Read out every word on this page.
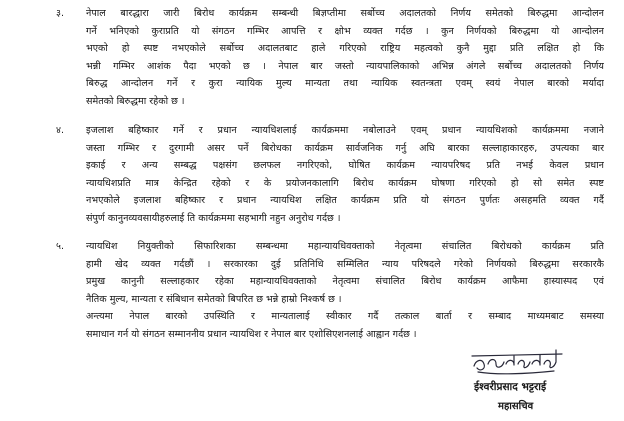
३.	नेपाल बारद्धारा जारी बिरोध कार्यक्रम सम्बन्धी बिज्ञप्तीमा सर्बोच्च अदालतको निर्णय समेतको बिरुद्धमा आन्दोलन
गर्ने भनिएको कुराप्रति यो संगठन गम्भिर आपत्ति र क्षोभ व्यक्त गर्दछ । कुन निर्णयको बिरुद्धमा यो आन्दोलन
भएको हो स्पष्ट नभएकोले सर्बोच्च अदालतबाट हाले गरिएको राष्ट्रिय महत्वको कुनै मुद्दा प्रति लक्षित हो कि
भन्नी गम्भिर आशंक पैदा भएको छ । नेपाल बार जस्तो न्यायपालिकाको अभिन्न अंगले सर्बोच्च अदालतको निर्णय
बिरुद्ध आन्दोलन गर्ने र कुरा न्यायिक मुल्य मान्यता तथा न्यायिक स्वतन्त्रता एवम् स्वयं नेपाल बारको मर्यादा
समेतको बिरुद्धमा रहेको छ ।
४.	इजलाश बहिष्कार गर्ने र प्रधान न्यायधिशलाई कार्यक्रममा नबोलाउने एवम् प्रधान न्यायधिशको कार्यक्रममा नजाने
जस्ता गम्भिर र दुरगामी असर पर्ने बिरोधका कार्यक्रम सार्वजनिक गर्नु अघि बारका सल्लाहाकारहरु, उपत्यका बार
इकाई र अन्य सम्बद्ध पक्षसंग छलफल नगरिएको, घोषित कार्यक्रम न्यायपरिषद प्रति नभई केवल प्रधान
न्यायधिशप्रति मात्र केन्द्रित रहेको र के प्रयोजनकालागि बिरोध कार्यक्रम घोषणा गरिएको हो सो समेत स्पष्ट
नभएकोले इजलाश बहिष्कार र प्रधान न्यायधिश लक्षित कार्यक्रम प्रति यो संगठन पुर्णतः असहमति व्यक्त गर्दै
संपुर्ण कानुनव्यवसायीहरुलाई ति कार्यक्रममा सहभागी नहुन अनुरोध गर्दछ ।
५.	न्यायधिश नियुक्तीको सिफारिशका सम्बन्धमा महान्यायधिवक्ताको नेतृत्वमा संचालित बिरोधको कार्यक्रम प्रति
हामी खेद व्यक्त गर्दछौं । सरकारका दुई प्रतिनिधि सम्मिलित न्याय परिषदले गरेको निर्णयको बिरुद्धमा सरकारकै
प्रमुख कानुनी सल्लाहकार रहेका महान्यायधिवक्ताको नेतृत्वमा संचालित बिरोध कार्यक्रम आफैमा हास्यास्पद एवं
नैतिक मुल्य, मान्यता र संबिधान समेतको बिपरित छ भन्ने हाम्रो निश्कर्ष छ ।
अन्त्यमा नेपाल बारको उपस्थिति र मान्यतालाई स्वीकार गर्दै तत्काल बार्ता र सम्बाद माध्यमबाट समस्या
समाधान गर्न यो संगठन सम्माननीय प्रधान न्यायधिश र नेपाल बार एशोसिएशनलाई आह्वान गर्दछ ।
ईश्वरीप्रसाद भट्टराई
महासचिव
